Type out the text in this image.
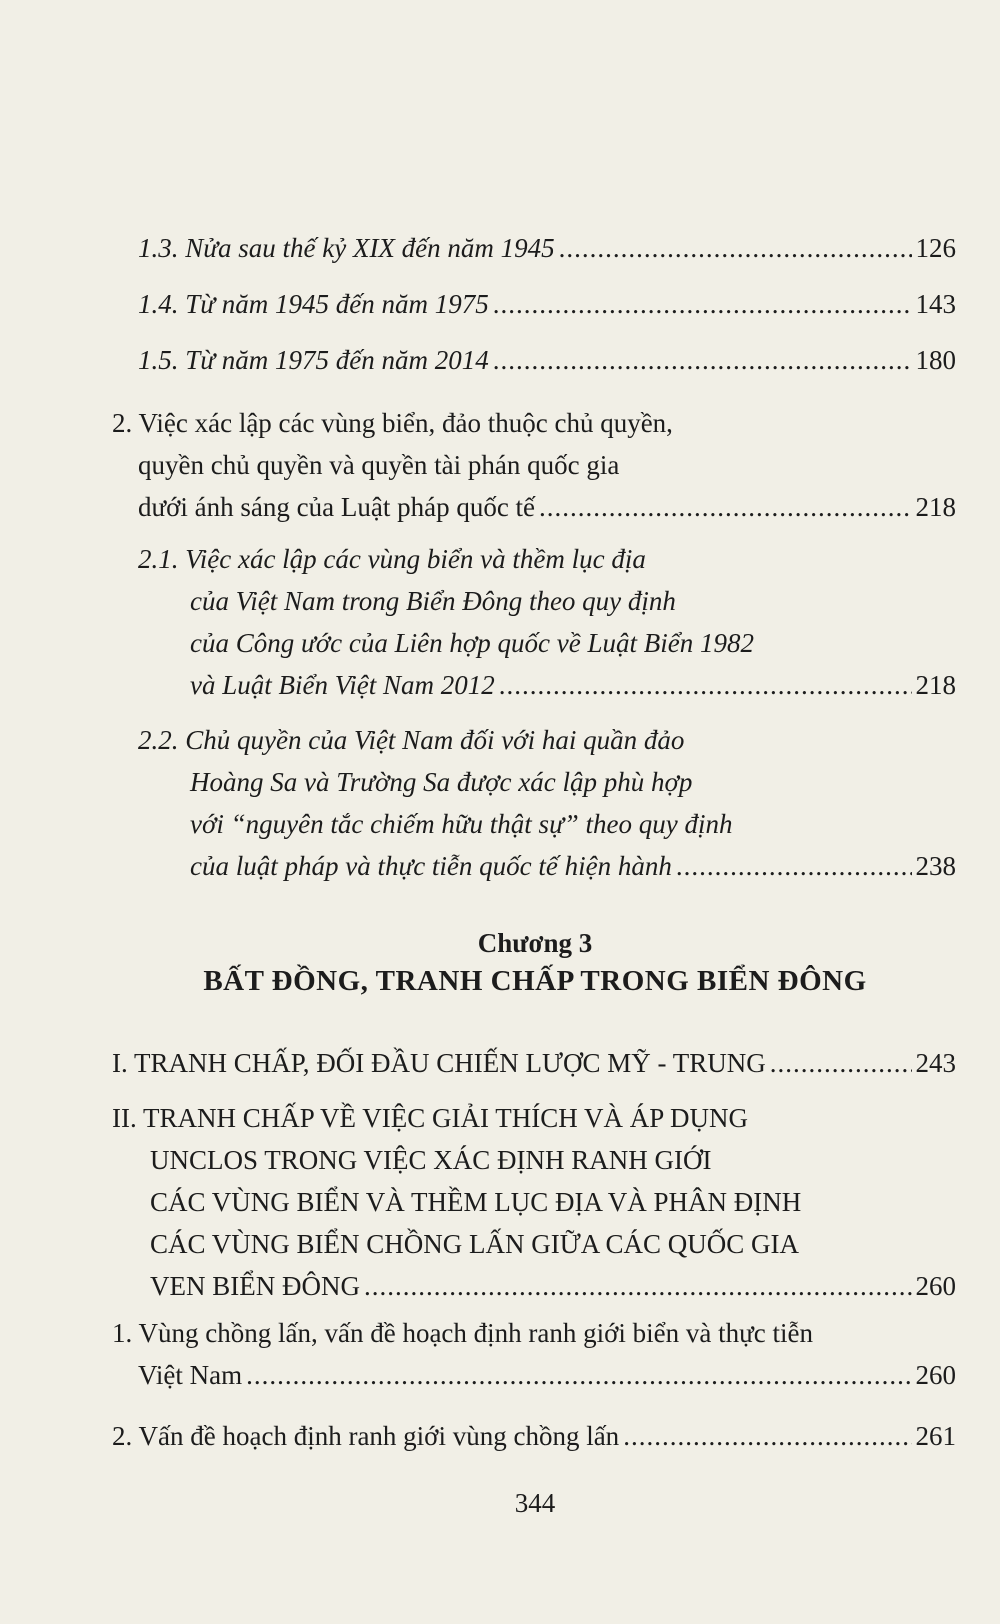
1.3. Nửa sau thế kỷ XIX đến năm 1945 .....	126
1.4. Từ năm 1945 đến năm 1975 .....	143
1.5. Từ năm 1975 đến năm 2014 .....	180
2. Việc xác lập các vùng biển, đảo thuộc chủ quyền,
quyền chủ quyền và quyền tài phán quốc gia
dưới ánh sáng của Luật pháp quốc tế .....	218
2.1. Việc xác lập các vùng biển và thềm lục địa
của Việt Nam trong Biển Đông theo quy định
của Công ước của Liên hợp quốc về Luật Biển 1982
và Luật Biển Việt Nam 2012 .....	218
2.2. Chủ quyền của Việt Nam đối với hai quần đảo
Hoàng Sa và Trường Sa được xác lập phù hợp
với “nguyên tắc chiếm hữu thật sự” theo quy định
của luật pháp và thực tiễn quốc tế hiện hành .....	238
Chương 3
BẤT ĐỒNG, TRANH CHẤP TRONG BIỂN ĐÔNG
I. TRANH CHẤP, ĐỐI ĐẦU CHIẾN LƯỢC MỸ - TRUNG .....	243
II. TRANH CHẤP VỀ VIỆC GIẢI THÍCH VÀ ÁP DỤNG
UNCLOS TRONG VIỆC XÁC ĐỊNH RANH GIỚI
CÁC VÙNG BIỂN VÀ THỀM LỤC ĐỊA VÀ PHÂN ĐỊNH
CÁC VÙNG BIỂN CHỒNG LẤN GIỮA CÁC QUỐC GIA
VEN BIỂN ĐÔNG .....	260
1. Vùng chồng lấn, vấn đề hoạch định ranh giới biển và thực tiễn
Việt Nam .....	260
2. Vấn đề hoạch định ranh giới vùng chồng lấn .....	261
344
